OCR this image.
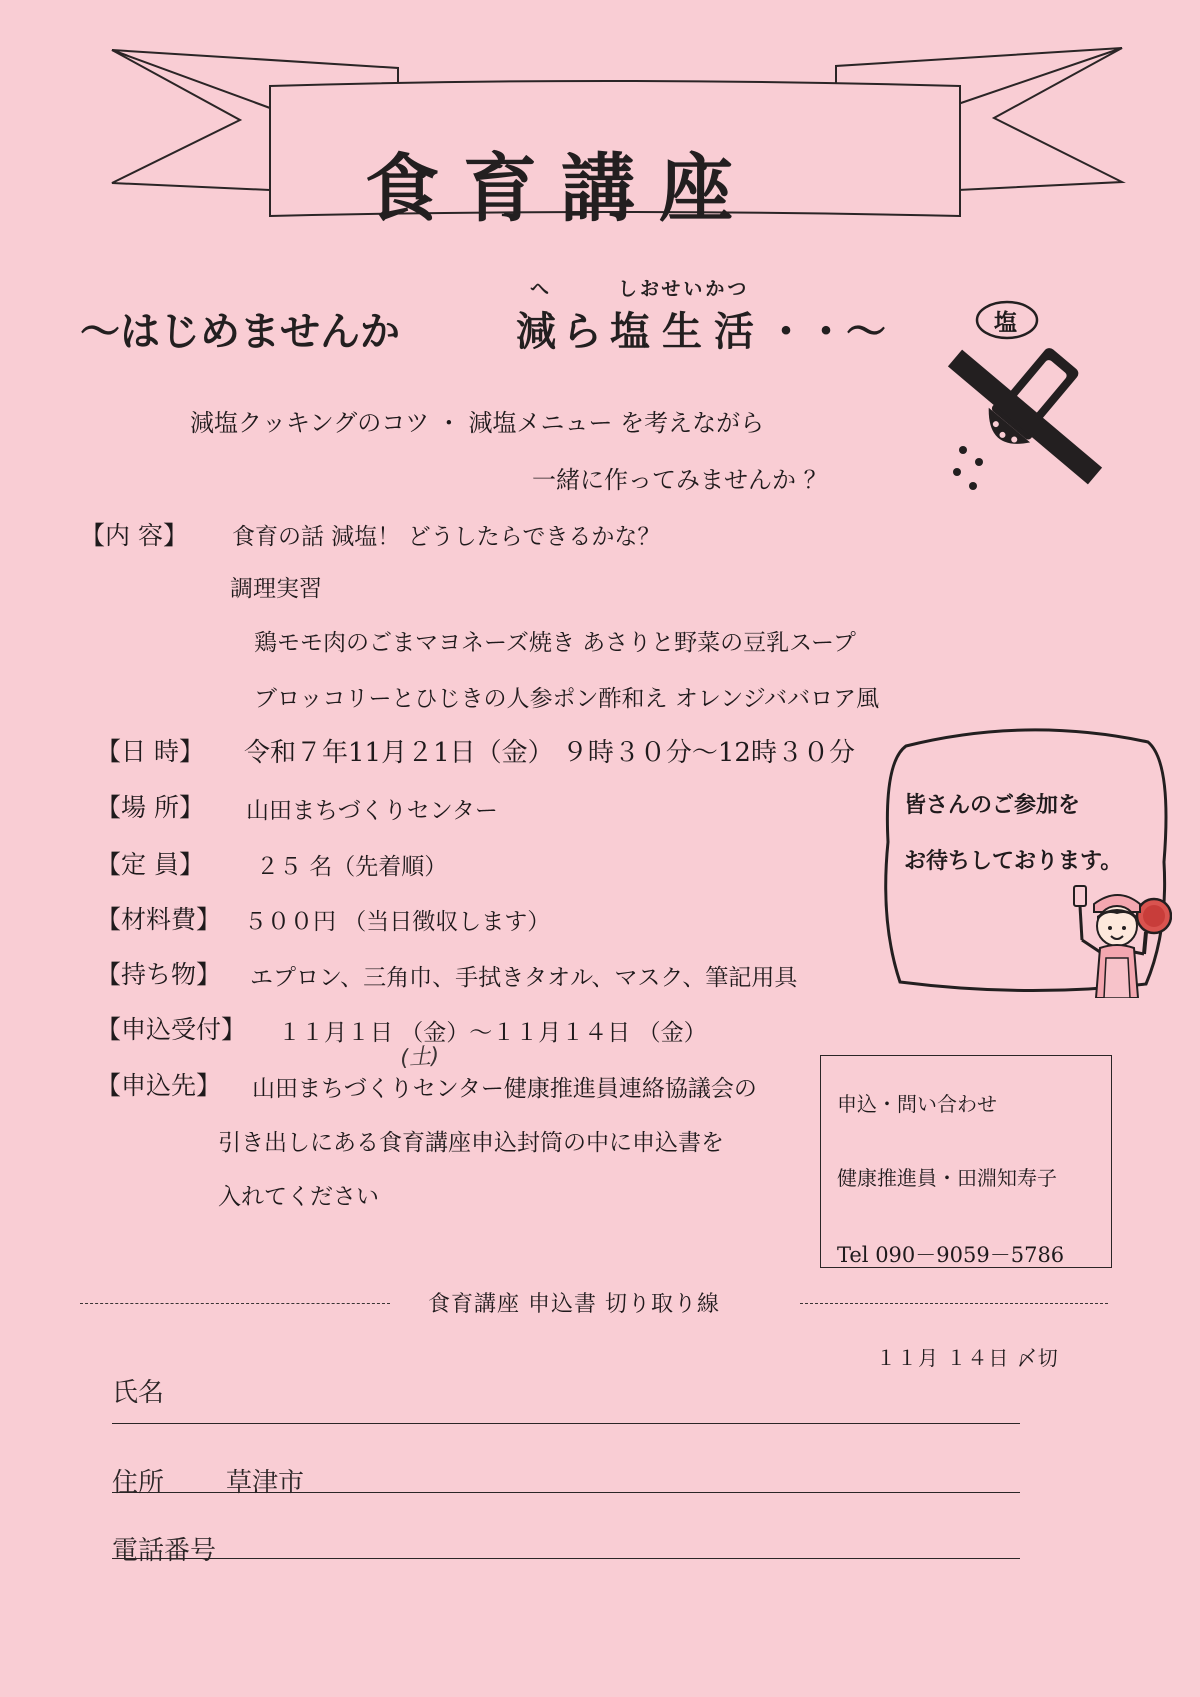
食育講座
～はじめませんか
へ	しおせいかつ
減 ら 塩 生 活 ・・～	塩
減塩クッキングのコツ ・ 減塩メニュー を考えながら
一緒に作ってみませんか ？
【内 容】 食育の話 減塩！ どうしたらできるかな？
調理実習
鶏モモ肉のごまマヨネーズ焼き あさりと野菜の豆乳スープ
ブロッコリーとひじきの人参ポン酢和え オレンジババロア風
【日 時】 令和７年11月２1日（金） ９時３０分～12時３０分
【場 所】 山田まちづくりセンター
【定 員】 ２５ 名（先着順）
【材料費】 ５００円 （当日徴収します）
【持ち物】 エプロン、三角巾、手拭きタオル、マスク、筆記用具
【申込受付】 １１月１日 （金）～１１月１４日 （金）
(土)
【申込先】 山田まちづくりセンター健康推進員連絡協議会の
引き出しにある食育講座申込封筒の中に申込書を
入れてください
皆さんのご参加を
お待ちしております。
申込・問い合わせ
健康推進員・田淵知寿子
Tel 090－9059－5786
食育講座 申込書 切り取り線
１１月 １４日 〆切
氏名
住所 草津市
電話番号
